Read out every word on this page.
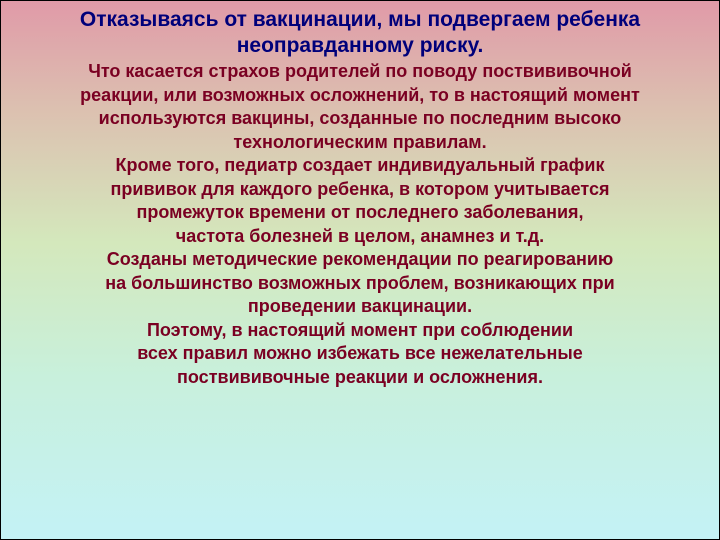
Отказываясь от вакцинации, мы подвергаем ребенка
неоправданному риску.
Что касается страхов родителей по поводу поствививочной
реакции, или возможных осложнений, то в настоящий момент
используются вакцины, созданные по последним высоко
технологическим правилам.
Кроме того, педиатр создает индивидуальный график
прививок для каждого ребенка, в котором учитывается
промежуток времени от последнего заболевания,
частота болезней в целом, анамнез и т.д.
Созданы методические рекомендации по реагированию
на большинство возможных проблем, возникающих при
проведении вакцинации.
Поэтому, в настоящий момент при соблюдении
всех правил можно избежать все нежелательные
поствививочные реакции и осложнения.
